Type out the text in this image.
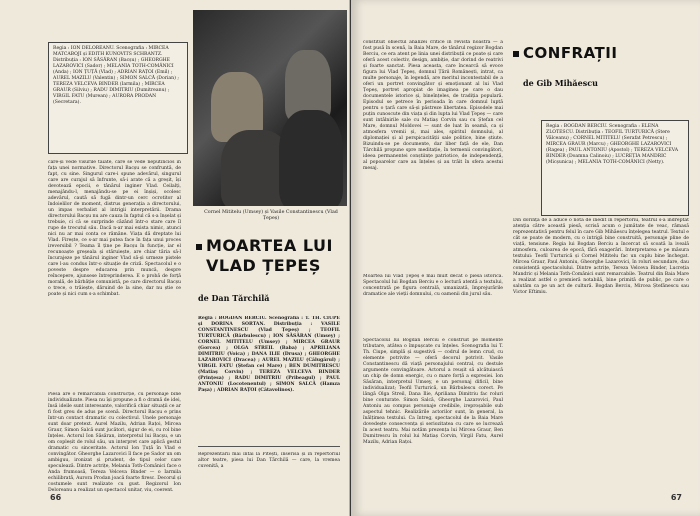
Regia : ION DELOREANU. Scenografia : MIRCEA MATCABOJI și EDITH KUNOVITS SCHRANTZ. Distribuția : ION SĂSĂRAN (Bacșu) ; GHEORGHE LAZAROVICI (Sador) ; MELANIA TOTH-COMĂNICI (Anda) ; ION ȚUȚĂ (Vlad) ; ADRIAN RAȚOI (Emil) ; AUREL MAZILU (Valentin) ; SIMON SALCĂ (Dorian) ; TEREZA VELCEVA BINDER (Iarmila) ; MIRCEA GRAUR (Silviu) ; RADU DIMITRIU (Dumitreanu) ; VIRGIL FATU (Murean) ; AURORA PRODAN (Secretara).
care-și vede visurile tăiate, care se vede neputincios în fața unei normative. Directorul Bacșu se confruntă, de fapt, cu sine. Singurul care-i spune adevărul, singurul care are curajul să înfrunte, să-i arate că a greșit, își devotează epocii, e tânărul inginer Vlad. Ceilalți, menajându-l, menajându-se pe ei înșiși, ocolesc adevărul, caută să fugă dintr-un cerc ocrotitor al îndoielilor de moment, distrus generația a directorului, un impas verbalist al intrigii interpretării. Drama directorului Bacșu nu are cauza în faptul că s-a înșelat și trebuie, ci că se surprinde căzând într-o stare care îl rupe de trecutul său. Dacă n-ar mai exista nimic, atunci nici nu ar mai conta ce rămâne. Viața dă dreptate lui Vlad. Firește, ce s-ar mai putea face în fața unui proces ireversibil ? Teama îl ține pe Bacșu în funcție, iar el recunoaște greșeala și stăruiește, are chiar tăria să-l încurajeze pe tânărul inginer Vlad să-și urmeze pistele care l-au condus într-o situație de criză. Spectacolul e o poveste despre educarea prin muncă, despre reîncepere, ajunsese întreprinderea. E o probă de forță morală, de bărbăție comunistă, pe care directorul Bacșu o trece, o trăiește, dăruind de la sine, dar nu știe ce poate și nici cum s-a schimbat.
Piesa are o remarcabilă construcție, cu personaje bine individualizate. Piesa nu își propune a fi o dramă de idei, însă ideile sunt interesante, valorifică chiar situații ce ar fi fost greu de adus pe scenă. Directorul Bacșu e prins într-un contact dramatic cu colectivul. Unele personaje sunt doar pretext. Aurel Mazilu, Adrian Rațoi, Mircea Graur, Simon Salcă sunt jucători, sigur de ei, cu rol bine înțeles. Actorul Ion Săsăran, interpretul lui Bacșu, e un om copleșit de rolul său, un interpret care aplică gestul dramatic cu sinceritate. Actorul Ion Țuță în Vlad e convingător. Gheorghe Lazarovici îl face pe Sador un om ambiguu, ironizat și prudent, de tipul celor care speculează. Dintre actrițe, Melania Toth-Comănici face o Anda frumoasă, Tereza Velceva Binder — o Iarmila echilibrată, Aurora Prodan joacă foarte firesc. Decorul și costumele sunt realizate cu gust. Regizorul Ion Deloreanu a realizat un spectacol unitar, viu, coerent.
Cornel Mititelu (Umsey) și Vasile Constantinescu (Vlad Țepeș)
MOARTEA LUI
VLAD ȚEPEȘ
de Dan Tărchilă
Regia : BOGDAN BERCIU. Scenografia : T. TH. CIUPE și DORINA SORTAN. Distribuția : VASILE CONSTANTINESCU (Vlad Țepeș) ; TEOFIL TURTURICĂ (Bărbulescu) ; ION SĂSĂRAN (Umsey) ; CORNEL MITITELU (Umsey) ; MIRCEA GRAUR (Gorcea) ; OLGA STREIL (Baba) ; APRILIANA DIMITRIU (Voica) ; DANA ILIE (Drusa) ; GHEORGHE LAZAROVICI (Dracea) ; AUREL MAZILU (Călugărul) ; VIRGIL FATU (Ștefan cel Mare) ; BEN DUMITRESCU (Matiaș Corvin) ; TEREZA VELCEVA BINDER (Prințesa) ; RADU DIMITRIU (Pribeagul) ; PAUL ANTONIU (Locotenentul) ; SIMON SALCĂ (Hamza Pașa) ; ADRIAN RAȚOI (Cătavolinos).
Reprezentarii mai întâi la Pitești, inserisă și în repertoriul altor teatre, piesa lui Dan Tărchilă — care, la vremea cuvenită, a
66
constituit obiectul analizei critice în revista noastră — a fost pusă în scenă, la Baia Mare, de tânărul regizor Bogdan Berciu, ce era atent pe linia unei distribuții ce poate și care oferă acest colectiv, design, ambiție, dar dorind de reatrivi și foarte sanctat. Piesa aceasta, care încearcă să evoce figura lui Vlad Țepeș, domnul Țării Românești, intrat, ca multe personaje, în legendă, are meritul incontestabil de a oferi un portret convingător și emoționant al lui Vlad Țepeș, portret apropiat de imaginea pe care o dau documentele istorice și, bineînțeles, de tradiția populară. Episodul se petrece în perioada în care domnul luptă pentru o țară care să-și păstreze libertatea. Episodele mai puțin cunoscute din viața și din lupta lui Vlad Țepeș — care sunt intâlnirile sale cu Matiaș Corvin sau cu Ștefan cel Mare, domnul Moldovei — sunt de luat în seamă, ca și atmosfera vremii și, mai ales, spiritul domnului, al diplomației și al perspicacității sale politice, bine știute. Bizuindu-se pe documente, dar liber față de ele, Dan Tărchilă propune spre meditație, în termenii convingători, ideea permanentei conștiințe patriotice, de independență, al popoarelor care au înțeles și au trăit în sfera acestui mesaj.
Moartea lui Vlad Țepeș e mai mult decât o piesă istorică. Spectacolul lui Bogdan Berciu e o lectură atentă a textului, concentrată pe figura centrală, umanizată, împrejurările dramatice ale vieții domnului, cu oamenii din jurul său.
Spectacolul lui Bogdan Berciu e construit pe momente tributare, atâtea o împușcate cu înțeles. Scenografia lui T. Th. Ciupe, simplă și sugestivă — codrul de lemn crud, cu elemente potrivite — oferă decorul potrivit. Vasile Constantinescu dă viață personajului central, cu destule argumente convingătoare. Actorul a reușit să alcătuiască un chip de domn energic, cu o mare forță a expresiei. Ion Săsăran, interpretul Umsey, e un personaj dificil, bine individualizat; Teofil Turturică, un Bărbulescu corect. Pe lângă Olga Streil, Dana Ilie, Apriliana Dimitriu fac roluri bine conturate. Simon Salcă, Gheorghe Lazarovici, Paul Antoniu au compus personaje credibile, ireproșabile sub aspectul tehnic. Realizările actorilor sunt, în general, la înălțimea textului. Ca întreg, spectacolul de la Baia Mare dovedește consecvența și seriozitatea cu care se lucrează în acest teatru. Mai notăm prezența lui Mircea Graur, Ben Dumitrescu în rolul lui Matiaș Corvin, Virgil Fatu, Aurel Mazilu, Adrian Rațoi.
CONFRAȚII
de Gib Mihăescu
Regia : BOGDAN BERCIU. Scenografia : ELENA ZLOTESCU. Distribuția : TEOFIL TURTURICĂ (Stere Vâlceanu) ; CORNEL MITITELU (Serafat Petrescu) ; MIRCEA GRAUR (Marcu) ; GHEORGHE LAZAROVICI (Ragea) ; PAUL ANTONIU (Apostol) ; TEREZA VELCEVA BINDER (Doamna Calinoiu) ; LUCREȚIA MANDRIC (Micșunica) ; MELANIA TOTH-COMĂNICI (Netty).
Din dorința de a aduce o notă de inedit în repertoriu, teatrul s-a îndreptat atenția către această piesă, scrisă acum o jumătate de veac, rămasă reprezentativă pentru felul în care Gib Mihăescu înțelegea teatrul. Textul e cât se poate de modern, cu o intrigă bine construită, personaje pline de viață, tensiune. Regia lui Bogdan Berciu a încercat să scoată la iveală atmosfera, culoarea de epocă, fără exagerări. Interpretarea e pe măsura textului: Teofil Turturică și Cornel Mititelu fac un cuplu bine închegat. Mircea Graur, Paul Antoniu, Gheorghe Lazarovici, în roluri secundare, dau consistență spectacolului. Dintre actrițe, Tereza Velceva Binder, Lucreția Mandric și Melania Toth-Comănici sunt remarcabile. Teatrul din Baia Mare a realizat astfel o premieră notabilă, bine primită de public, pe care o salutăm ca pe un act de cultură. Bogdan Berciu, Mircea Ștefănescu sau Victor Eftimiu.
67
